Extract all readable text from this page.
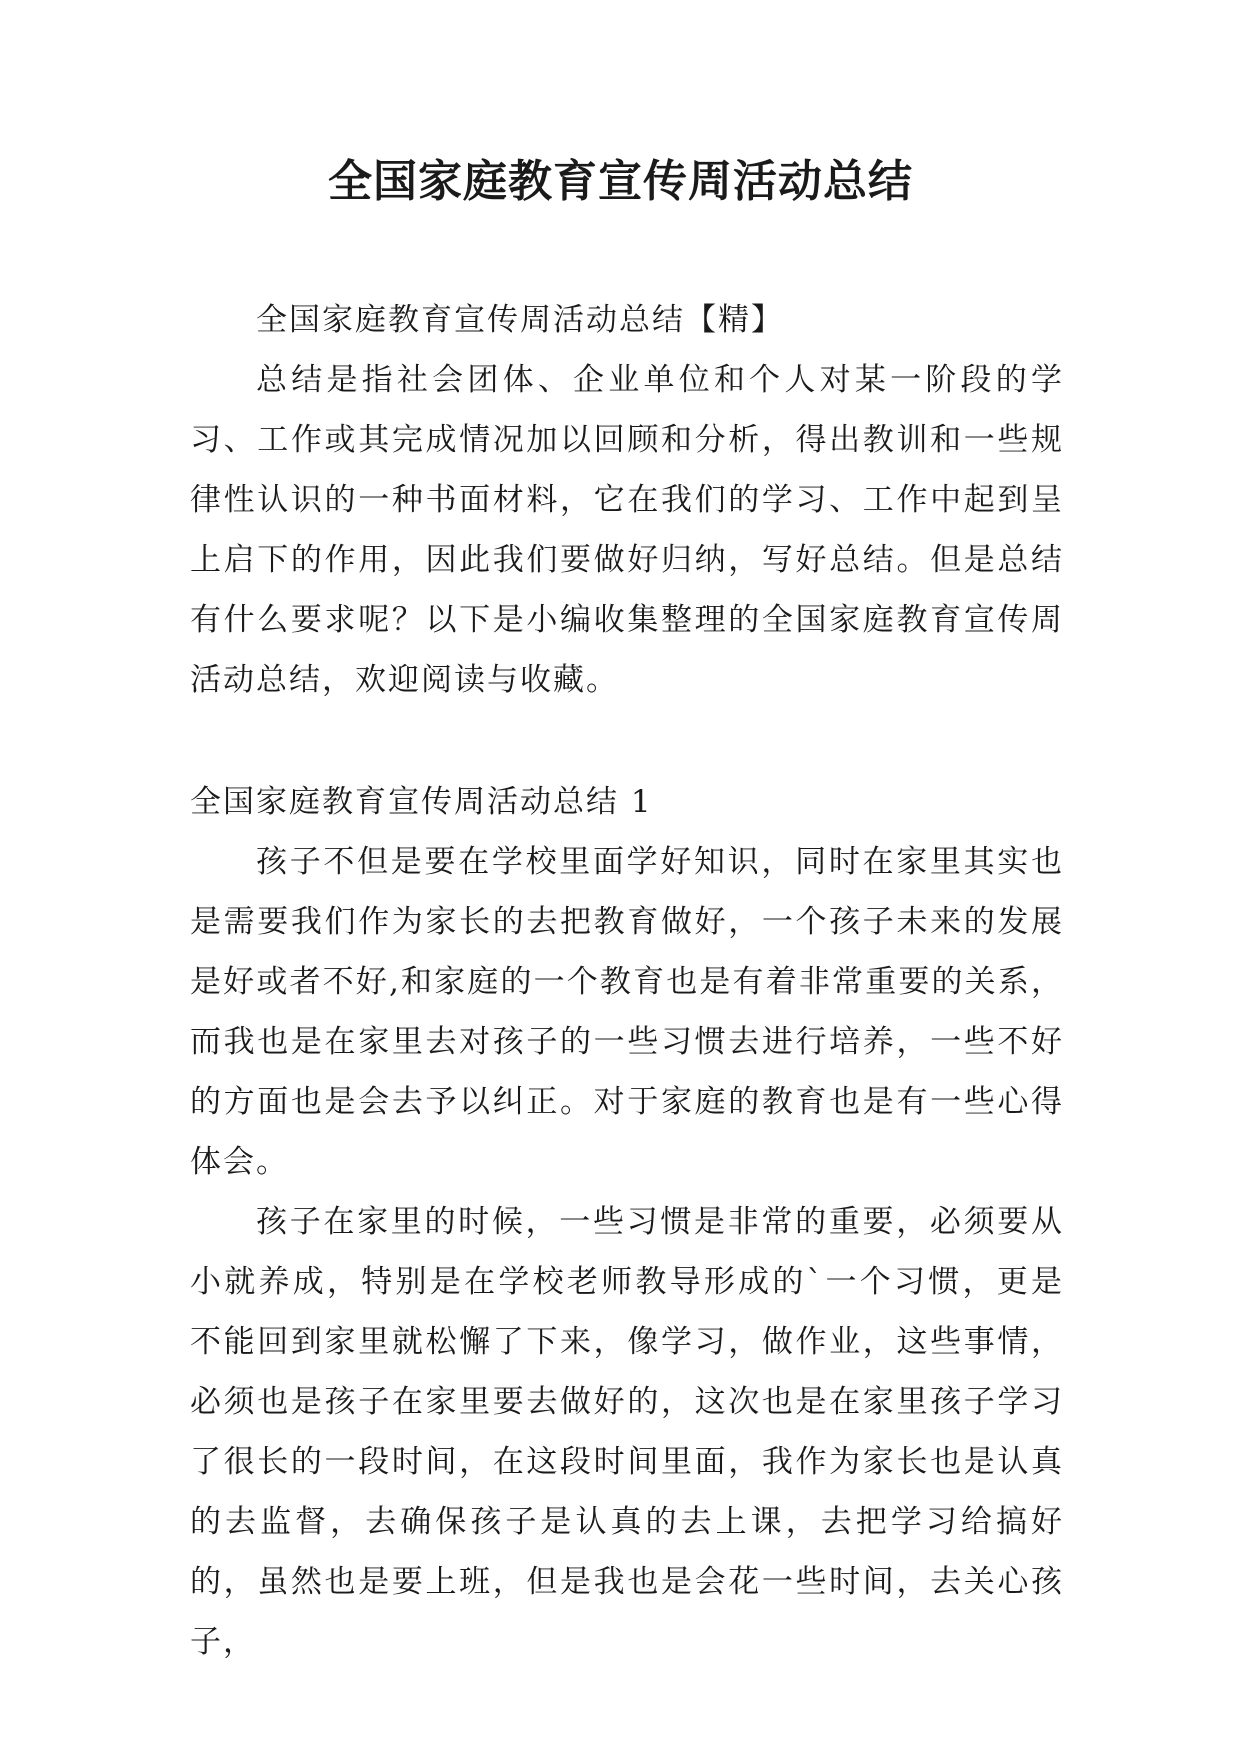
全国家庭教育宣传周活动总结

全国家庭教育宣传周活动总结【精】

总结是指社会团体、企业单位和个人对某一阶段的学习、工作或其完成情况加以回顾和分析，得出教训和一些规律性认识的一种书面材料，它在我们的学习、工作中起到呈上启下的作用，因此我们要做好归纳，写好总结。但是总结有什么要求呢？以下是小编收集整理的全国家庭教育宣传周活动总结，欢迎阅读与收藏。

全国家庭教育宣传周活动总结 1

孩子不但是要在学校里面学好知识，同时在家里其实也是需要我们作为家长的去把教育做好，一个孩子未来的发展是好或者不好,和家庭的一个教育也是有着非常重要的关系，而我也是在家里去对孩子的一些习惯去进行培养，一些不好的方面也是会去予以纠正。对于家庭的教育也是有一些心得体会。

孩子在家里的时候，一些习惯是非常的重要，必须要从小就养成，特别是在学校老师教导形成的`一个习惯，更是不能回到家里就松懈了下来，像学习，做作业，这些事情，必须也是孩子在家里要去做好的，这次也是在家里孩子学习了很长的一段时间，在这段时间里面，我作为家长也是认真的去监督，去确保孩子是认真的去上课，去把学习给搞好的，虽然也是要上班，但是我也是会花一些时间，去关心孩子，
